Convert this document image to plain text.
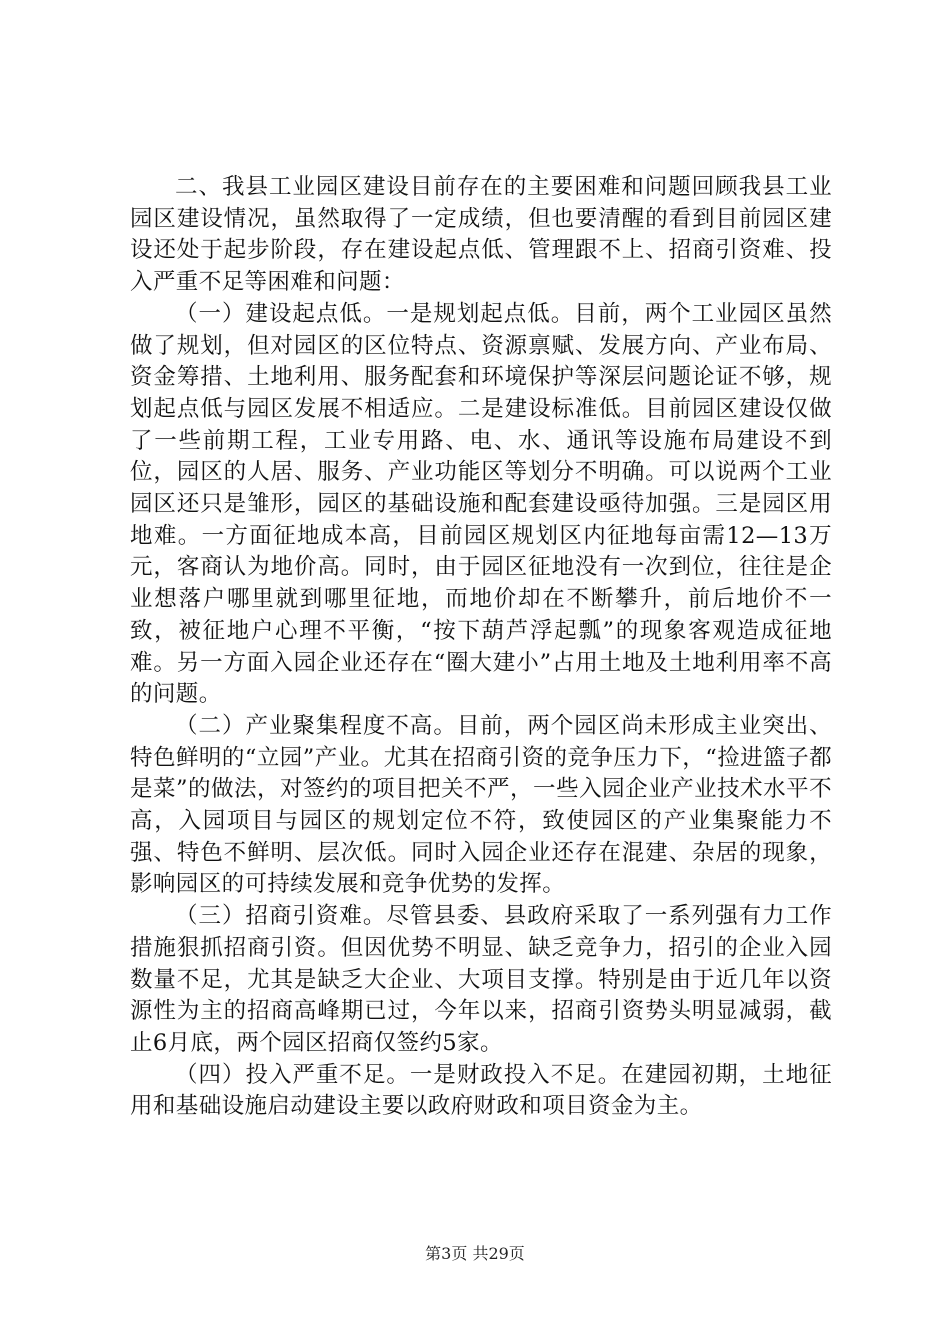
二、我县工业园区建设目前存在的主要困难和问题回顾我县工业园区建设情况，虽然取得了一定成绩，但也要清醒的看到目前园区建设还处于起步阶段，存在建设起点低、管理跟不上、招商引资难、投入严重不足等困难和问题：

（一）建设起点低。一是规划起点低。目前，两个工业园区虽然做了规划，但对园区的区位特点、资源禀赋、发展方向、产业布局、资金筹措、土地利用、服务配套和环境保护等深层问题论证不够，规划起点低与园区发展不相适应。二是建设标准低。目前园区建设仅做了一些前期工程，工业专用路、电、水、通讯等设施布局建设不到位，园区的人居、服务、产业功能区等划分不明确。可以说两个工业园区还只是雏形，园区的基础设施和配套建设亟待加强。三是园区用地难。一方面征地成本高，目前园区规划区内征地每亩需12—13万元，客商认为地价高。同时，由于园区征地没有一次到位，往往是企业想落户哪里就到哪里征地，而地价却在不断攀升，前后地价不一致，被征地户心理不平衡，“按下葫芦浮起瓢”的现象客观造成征地难。另一方面入园企业还存在“圈大建小”占用土地及土地利用率不高的问题。

（二）产业聚集程度不高。目前，两个园区尚未形成主业突出、特色鲜明的“立园”产业。尤其在招商引资的竞争压力下，“捡进篮子都是菜”的做法，对签约的项目把关不严，一些入园企业产业技术水平不高，入园项目与园区的规划定位不符，致使园区的产业集聚能力不强、特色不鲜明、层次低。同时入园企业还存在混建、杂居的现象，影响园区的可持续发展和竞争优势的发挥。

（三）招商引资难。尽管县委、县政府采取了一系列强有力工作措施狠抓招商引资。但因优势不明显、缺乏竞争力，招引的企业入园数量不足，尤其是缺乏大企业、大项目支撑。特别是由于近几年以资源性为主的招商高峰期已过，今年以来，招商引资势头明显减弱，截止6月底，两个园区招商仅签约5家。

（四）投入严重不足。一是财政投入不足。在建园初期，土地征用和基础设施启动建设主要以政府财政和项目资金为主。

第3页 共29页
